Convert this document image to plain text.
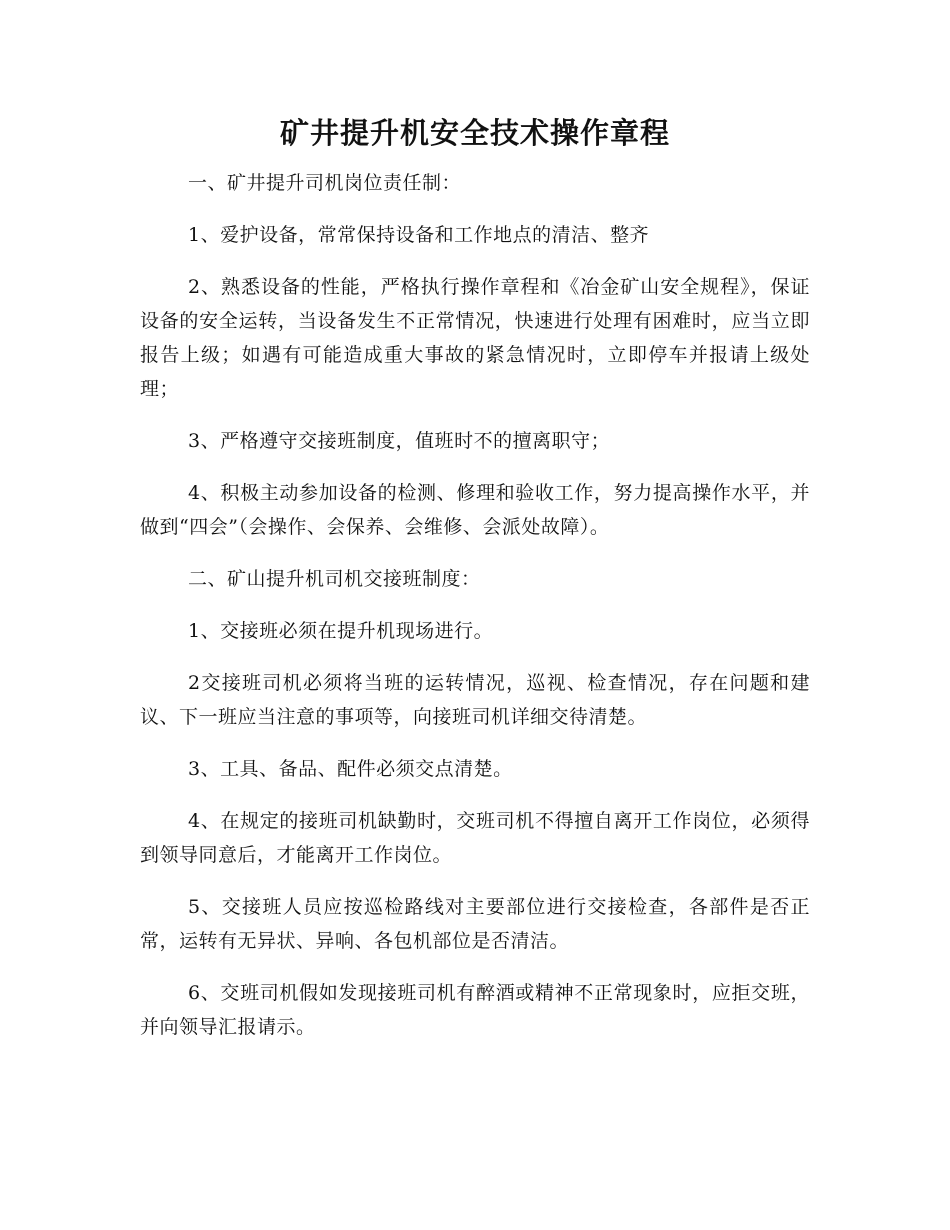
矿井提升机安全技术操作章程

一、矿井提升司机岗位责任制：

1、爱护设备，常常保持设备和工作地点的清洁、整齐

2、熟悉设备的性能，严格执行操作章程和《冶金矿山安全规程》，保证设备的安全运转，当设备发生不正常情况，快速进行处理有困难时，应当立即报告上级；如遇有可能造成重大事故的紧急情况时，立即停车并报请上级处理；

3、严格遵守交接班制度，值班时不的擅离职守；

4、积极主动参加设备的检测、修理和验收工作，努力提高操作水平，并做到“四会”（会操作、会保养、会维修、会派处故障）。

二、矿山提升机司机交接班制度：

1、交接班必须在提升机现场进行。

2交接班司机必须将当班的运转情况，巡视、检查情况，存在问题和建议、下一班应当注意的事项等，向接班司机详细交待清楚。

3、工具、备品、配件必须交点清楚。

4、在规定的接班司机缺勤时，交班司机不得擅自离开工作岗位，必须得到领导同意后，才能离开工作岗位。

5、交接班人员应按巡检路线对主要部位进行交接检查，各部件是否正常，运转有无异状、异响、各包机部位是否清洁。

6、交班司机假如发现接班司机有醉酒或精神不正常现象时，应拒交班，并向领导汇报请示。
